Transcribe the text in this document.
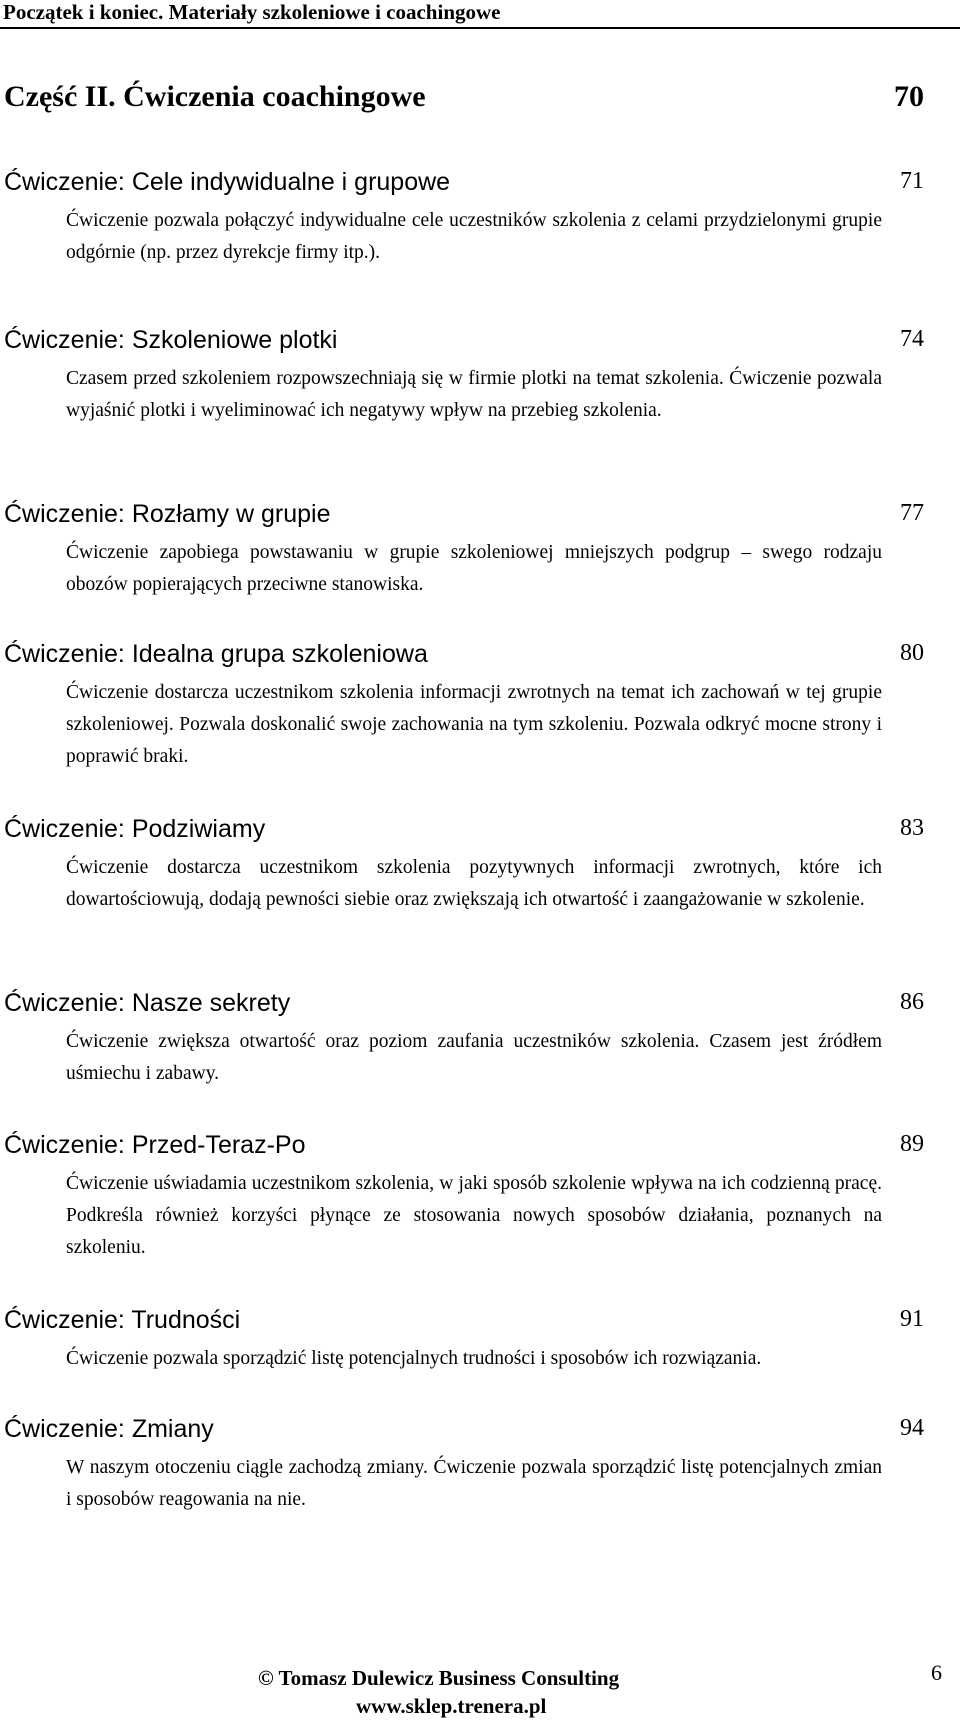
Początek i koniec. Materiały szkoleniowe i coachingowe
Część II. Ćwiczenia coachingowe	70
Ćwiczenie: Cele indywidualne i grupowe	71

Ćwiczenie pozwala połączyć indywidualne cele uczestników szkolenia z celami przydzielonymi grupie odgórnie (np. przez dyrekcje firmy itp.).

Ćwiczenie: Szkoleniowe plotki	74

Czasem przed szkoleniem rozpowszechniają się w firmie plotki na temat szkolenia. Ćwiczenie pozwala wyjaśnić plotki i wyeliminować ich negatywy wpływ na przebieg szkolenia.

Ćwiczenie: Rozłamy w grupie	77

Ćwiczenie zapobiega powstawaniu w grupie szkoleniowej mniejszych podgrup – swego rodzaju obozów popierających przeciwne stanowiska.

Ćwiczenie: Idealna grupa szkoleniowa	80

Ćwiczenie dostarcza uczestnikom szkolenia informacji zwrotnych na temat ich zachowań w tej grupie szkoleniowej. Pozwala doskonalić swoje zachowania na tym szkoleniu. Pozwala odkryć mocne strony i poprawić braki.

Ćwiczenie: Podziwiamy	83

Ćwiczenie dostarcza uczestnikom szkolenia pozytywnych informacji zwrotnych, które ich dowartościowują, dodają pewności siebie oraz zwiększają ich otwartość i zaangażowanie w szkolenie.

Ćwiczenie: Nasze sekrety	86

Ćwiczenie zwiększa otwartość oraz poziom zaufania uczestników szkolenia. Czasem jest źródłem uśmiechu i zabawy.

Ćwiczenie: Przed-Teraz-Po	89

Ćwiczenie uświadamia uczestnikom szkolenia, w jaki sposób szkolenie wpływa na ich codzienną pracę. Podkreśla również korzyści płynące ze stosowania nowych sposobów działania, poznanych na szkoleniu.

Ćwiczenie: Trudności	91

Ćwiczenie pozwala sporządzić listę potencjalnych trudności i sposobów ich rozwiązania.

Ćwiczenie: Zmiany	94

W naszym otoczeniu ciągle zachodzą zmiany. Ćwiczenie pozwala sporządzić listę potencjalnych zmian i sposobów reagowania na nie.

© Tomasz Dulewicz Business Consulting
www.sklep.trenera.pl
6
